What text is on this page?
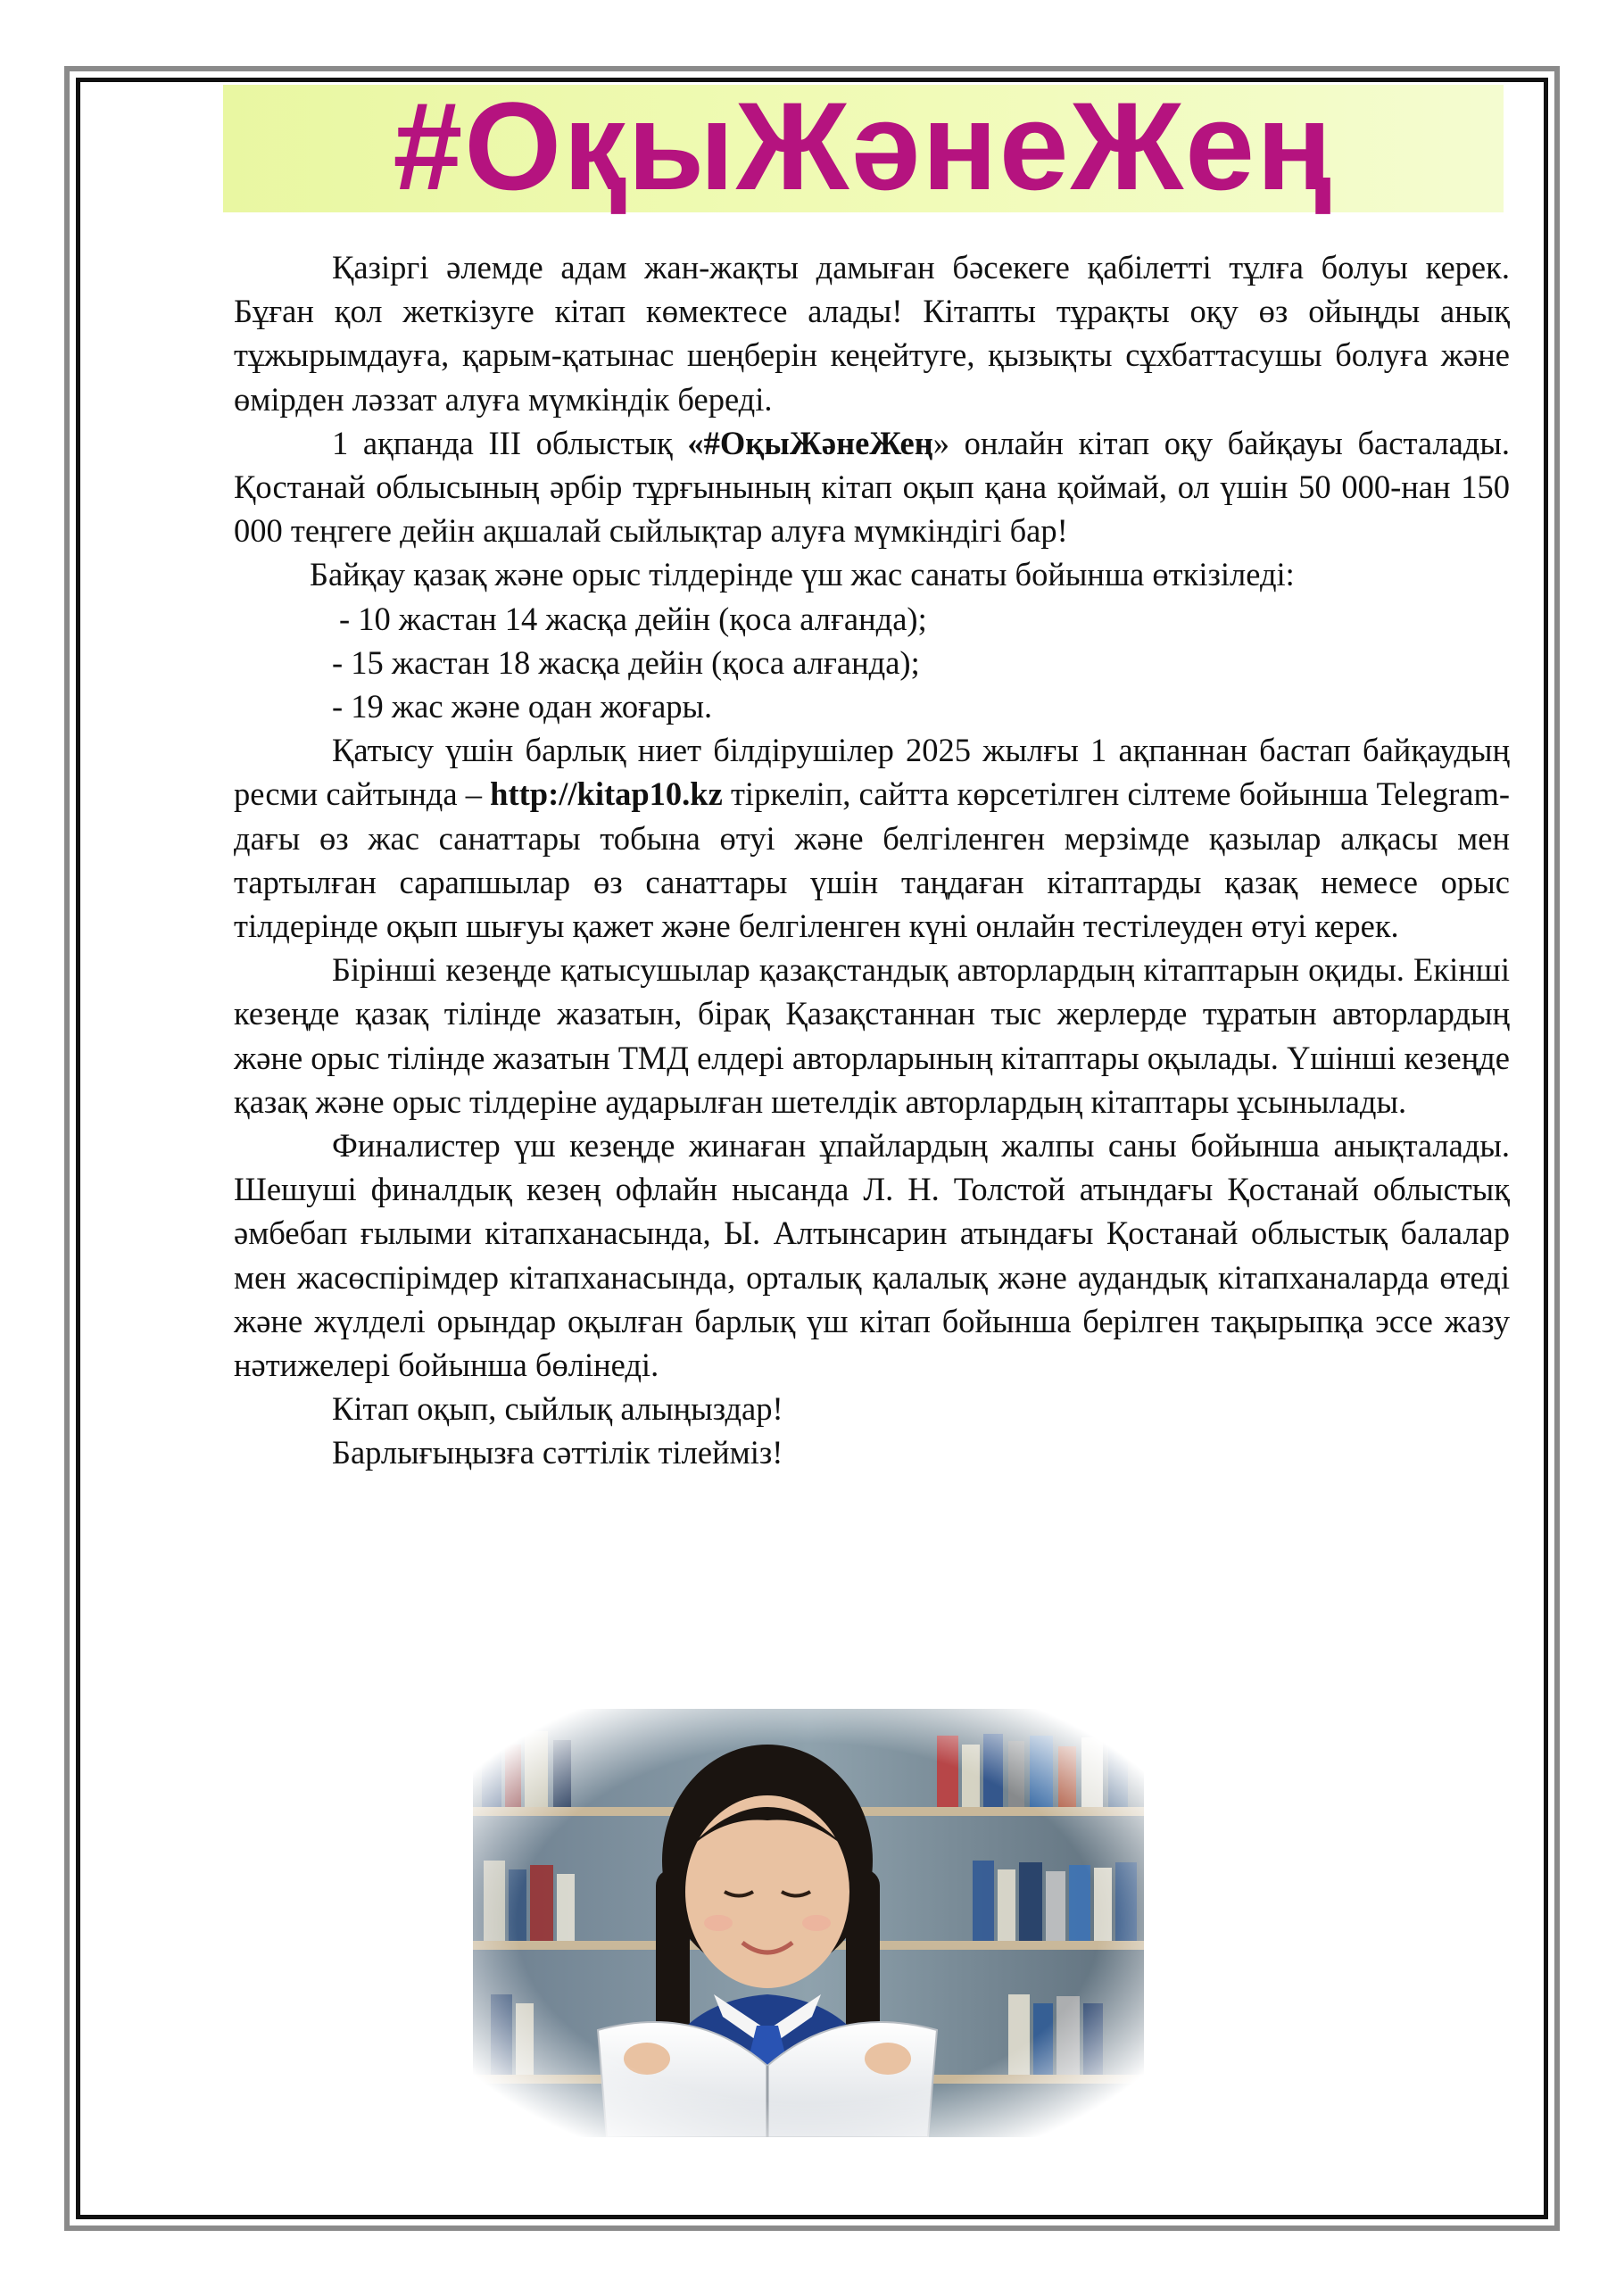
#ОқыЖәнеЖең

Қазіргі әлемде адам жан-жақты дамыған бәсекеге қабілетті тұлға болуы керек. Бұған қол жеткізуге кітап көмектесе алады! Кітапты тұрақты оқу өз ойыңды анық тұжырымдауға, қарым-қатынас шеңберін кеңейтуге, қызықты сұхбаттасушы болуға және өмірден ләззат алуға мүмкіндік береді.

1 ақпанда III облыстық «#ОқыЖәнеЖең» онлайн кітап оқу байқауы басталады. Қостанай облысының әрбір тұрғынының кітап оқып қана қоймай, ол үшін 50 000-нан 150 000 теңгеге дейін ақшалай сыйлықтар алуға мүмкіндігі бар!

Байқау қазақ және орыс тілдерінде үш жас санаты бойынша өткізіледі:

- 10 жастан 14 жасқа дейін (қоса алғанда);
- 15 жастан 18 жасқа дейін (қоса алғанда);
- 19 жас және одан жоғары.

Қатысу үшін барлық ниет білдірушілер 2025 жылғы 1 ақпаннан бастап байқаудың ресми сайтында – http://kitap10.kz тіркеліп, сайтта көрсетілген сілтеме бойынша Telegram-дағы өз жас санаттары тобына өтуі және белгіленген мерзімде қазылар алқасы мен тартылған сарапшылар өз санаттары үшін таңдаған кітаптарды қазақ немесе орыс тілдерінде оқып шығуы қажет және белгіленген күні онлайн тестілеуден өтуі керек.

Бірінші кезеңде қатысушылар қазақстандық авторлардың кітаптарын оқиды. Екінші кезеңде қазақ тілінде жазатын, бірақ Қазақстаннан тыс жерлерде тұратын авторлардың және орыс тілінде жазатын ТМД елдері авторларының кітаптары оқылады. Үшінші кезеңде қазақ және орыс тілдеріне аударылған шетелдік авторлардың кітаптары ұсынылады.

Финалистер үш кезеңде жинаған ұпайлардың жалпы саны бойынша анықталады. Шешуші финалдық кезең офлайн нысанда Л. Н. Толстой атындағы Қостанай облыстық әмбебап ғылыми кітапханасында, Ы. Алтынсарин атындағы Қостанай облыстық балалар мен жасөспірімдер кітапханасында, орталық қалалық және аудандық кітапханаларда өтеді және жүлделі орындар оқылған барлық үш кітап бойынша берілген тақырыпқа эссе жазу нәтижелері бойынша бөлінеді.

Кітап оқып, сыйлық алыңыздар!

Барлығыңызға сәттілік тілейміз!
